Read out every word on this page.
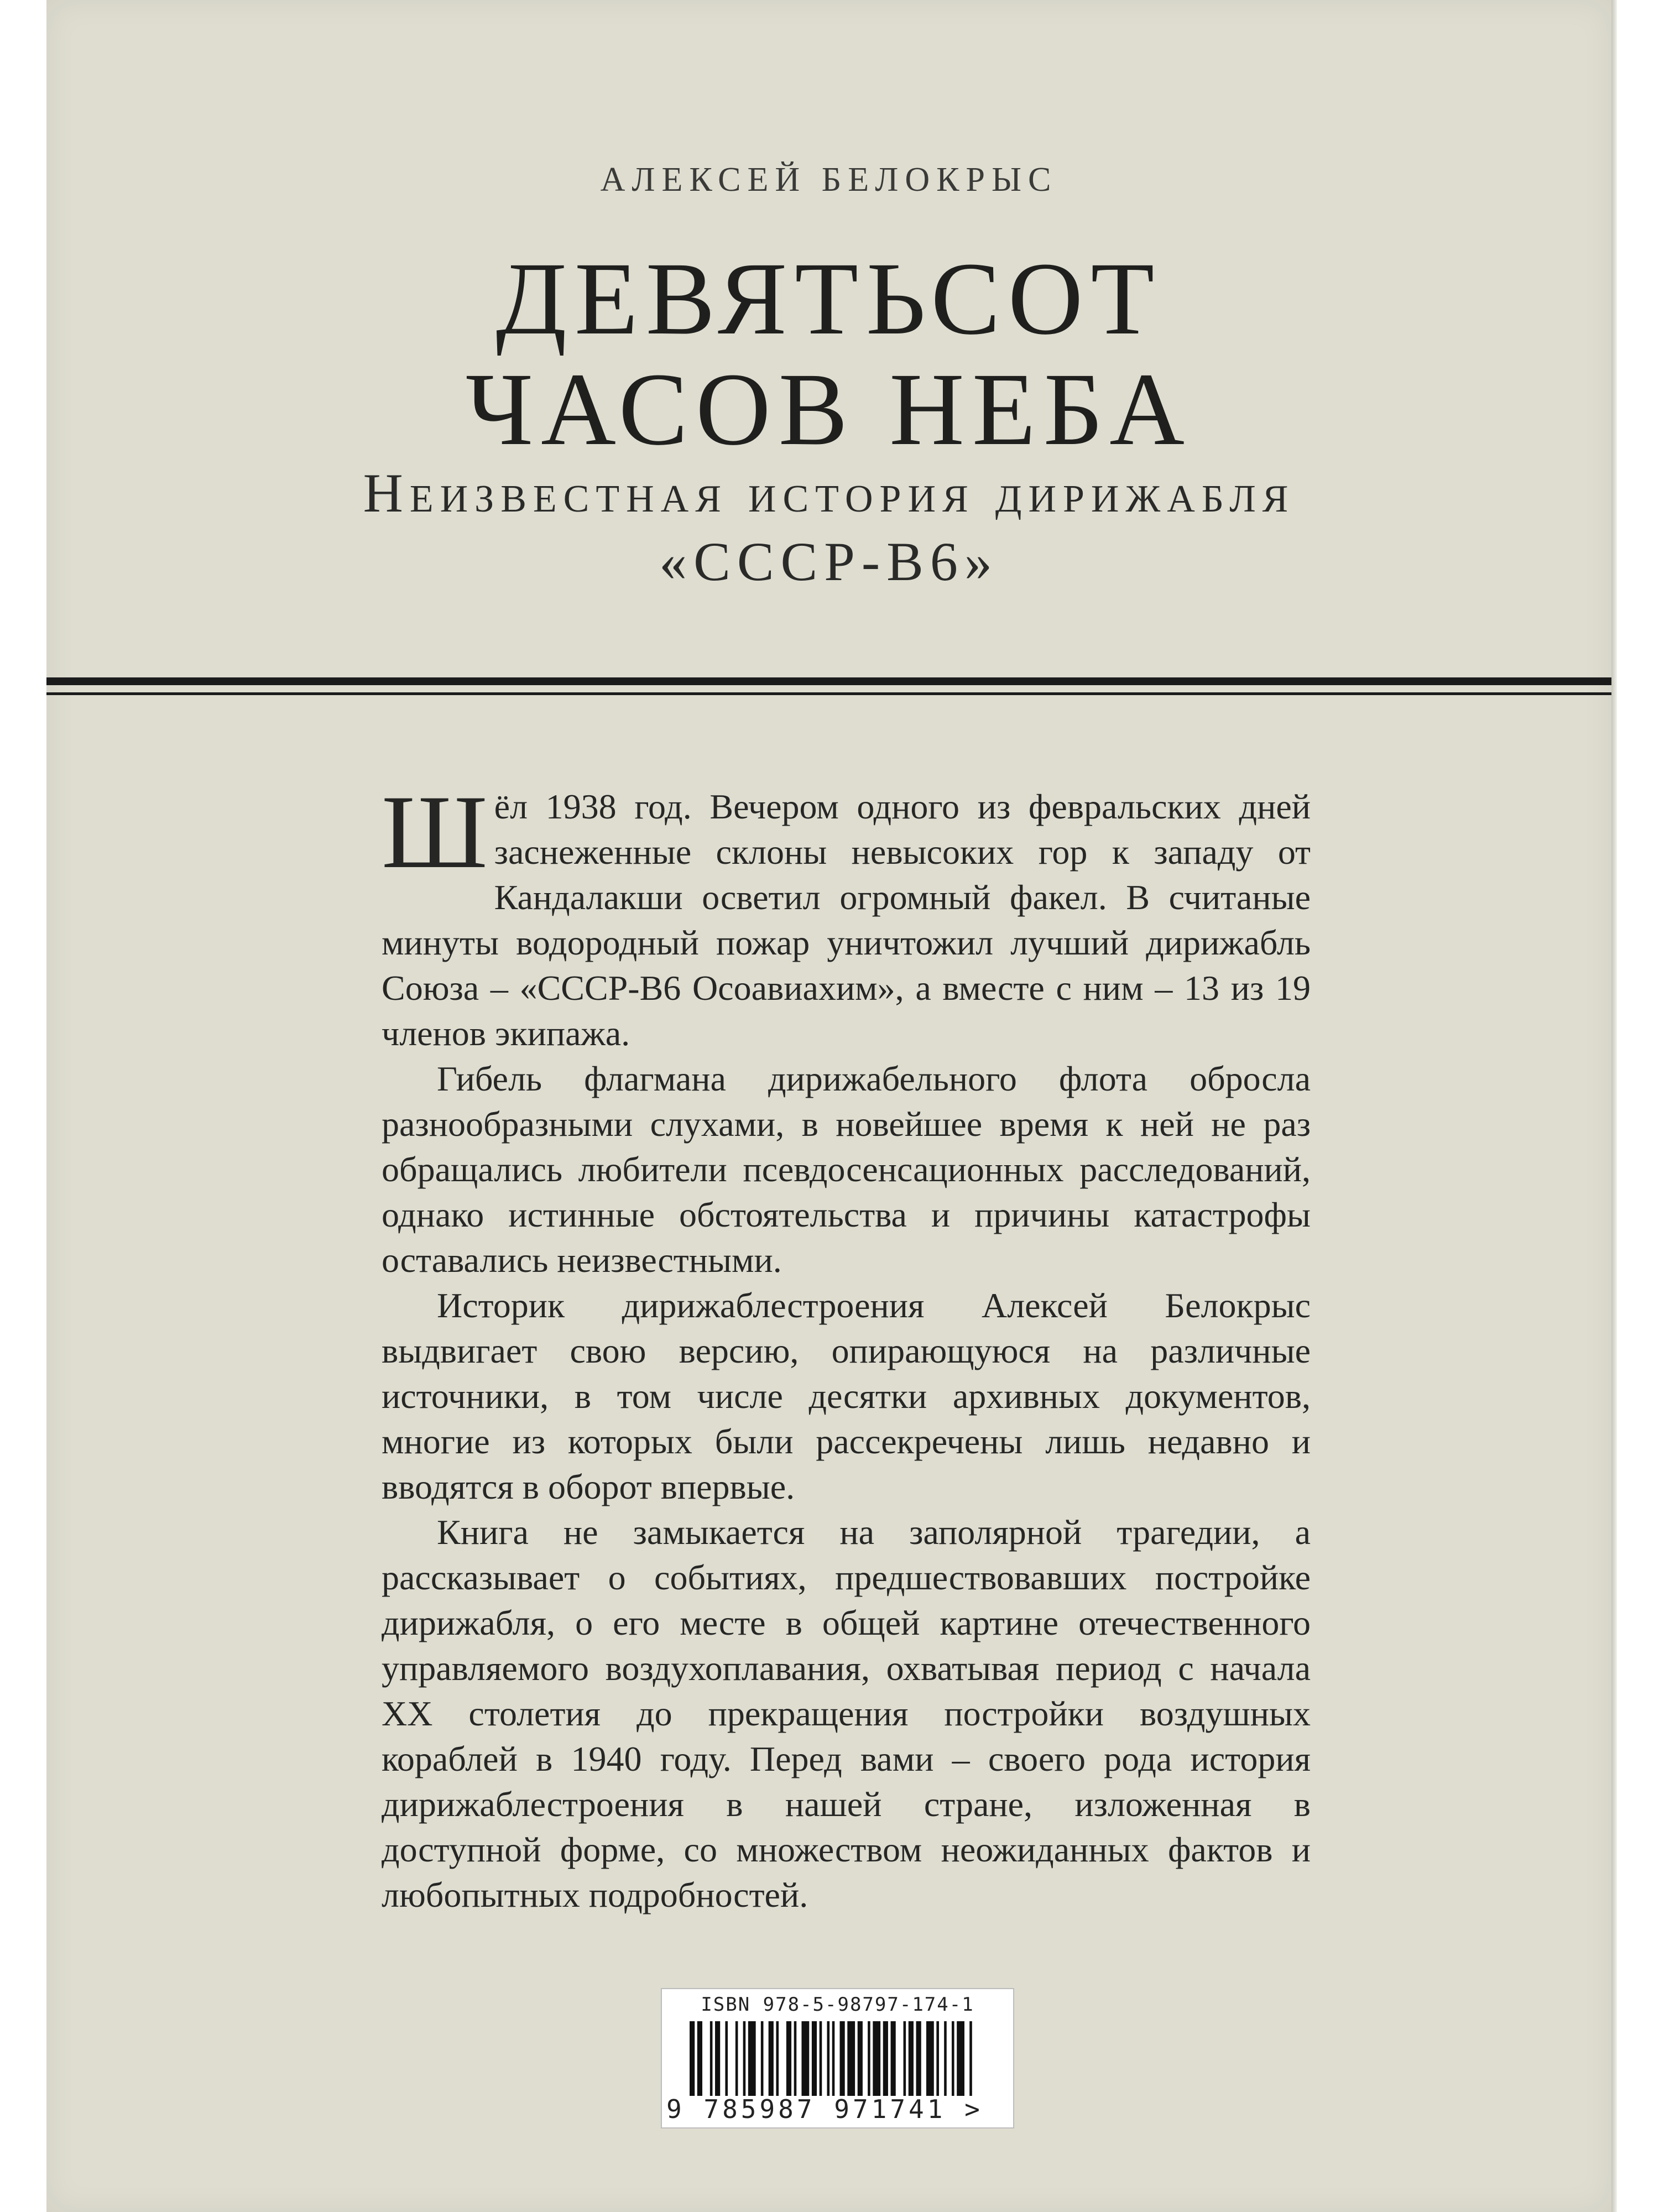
АЛЕКСЕЙ БЕЛОКРЫС
ДЕВЯТЬСОТ
ЧАСОВ НЕБА
Неизвестная история дирижабля
«СССР-В6»

Шёл 1938 год. Вечером одного из февральских дней заснеженные склоны невысоких гор к западу от Кандалакши осветил огромный факел. В считаные минуты водородный пожар уничтожил лучший дирижабль Союза – «СССР-В6 Осоавиахим», а вместе с ним – 13 из 19 членов экипажа.

Гибель флагмана дирижабельного флота обросла разнообразными слухами, в новейшее время к ней не раз обращались любители псевдосенсационных расследований, однако истинные обстоятельства и причины катастрофы оставались неизвестными.

Историк дирижаблестроения Алексей Белокрыс выдвигает свою версию, опирающуюся на различные источники, в том числе десятки архивных документов, многие из которых были рассекречены лишь недавно и вводятся в оборот впервые.

Книга не замыкается на заполярной трагедии, а рассказывает о событиях, предшествовавших постройке дирижабля, о его месте в общей картине отечественного управляемого воздухоплавания, охватывая период с начала XX столетия до прекращения постройки воздушных кораблей в 1940 году. Перед вами – своего рода история дирижаблестроения в нашей стране, изложенная в доступной форме, со множеством неожиданных фактов и любопытных подробностей.

ISBN 978-5-98797-174-1
9 785987 971741 >
